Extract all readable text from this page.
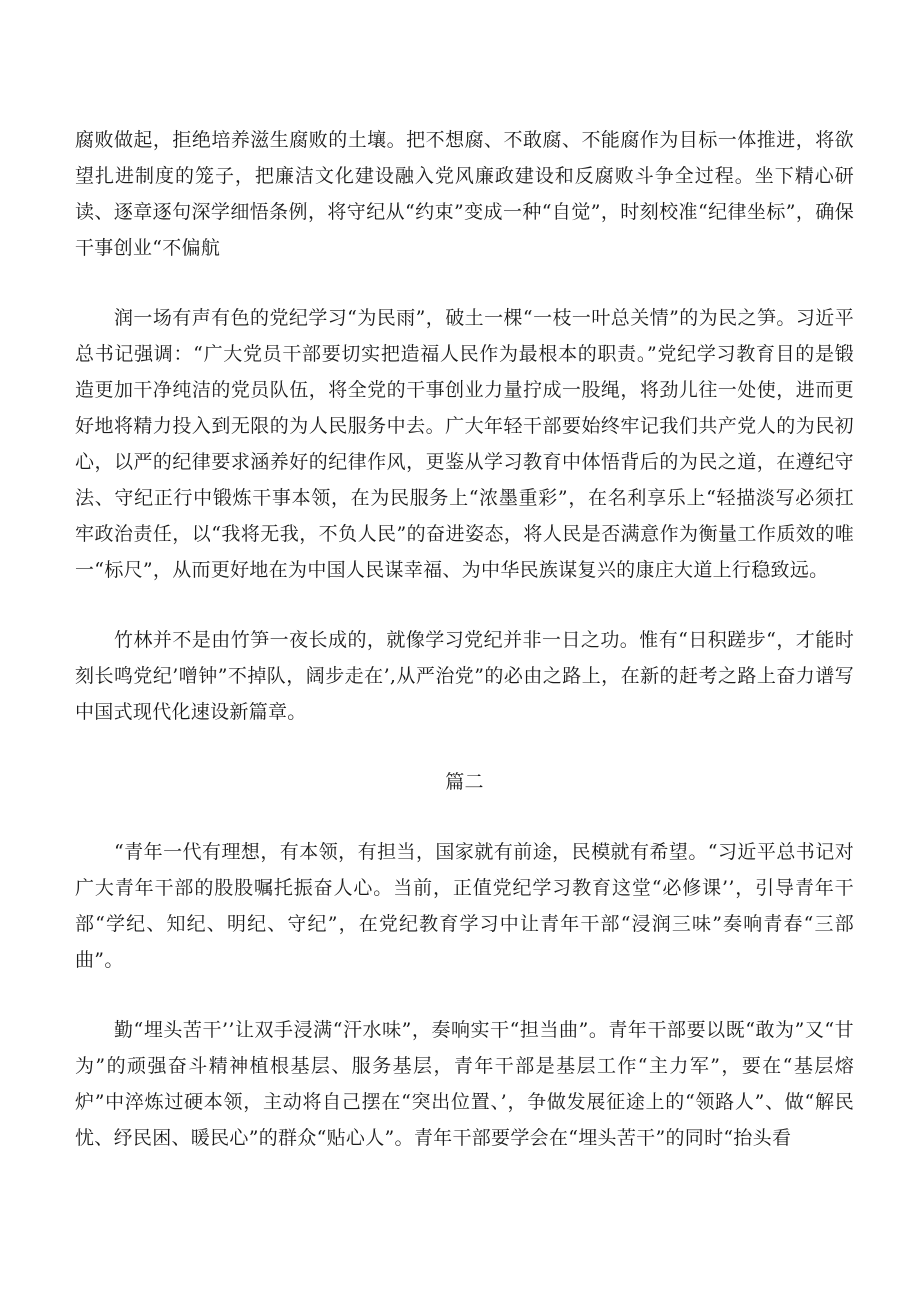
腐败做起，拒绝培养滋生腐败的土壤。把不想腐、不敢腐、不能腐作为目标一体推进，将欲望扎进制度的笼子，把廉洁文化建设融入党风廉政建设和反腐败斗争全过程。坐下精心研读、逐章逐句深学细悟条例，将守纪从“约束”变成一种“自觉”，时刻校准“纪律坐标”，确保干事创业“不偏航

润一场有声有色的党纪学习“为民雨”，破土一棵“一枝一叶总关情”的为民之笋。习近平总书记强调：“广大党员干部要切实把造福人民作为最根本的职责。”党纪学习教育目的是锻造更加干净纯洁的党员队伍，将全党的干事创业力量拧成一股绳，将劲儿往一处使，进而更好地将精力投入到无限的为人民服务中去。广大年轻干部要始终牢记我们共产党人的为民初心，以严的纪律要求涵养好的纪律作风，更鉴从学习教育中体悟背后的为民之道，在遵纪守法、守纪正行中锻炼干事本领，在为民服务上“浓墨重彩”，在名利享乐上“轻描淡写必须扛牢政治责任，以“我将无我，不负人民”的奋进姿态，将人民是否满意作为衡量工作质效的唯一“标尺”，从而更好地在为中国人民谋幸福、为中华民族谋复兴的康庄大道上行稳致远。

竹林并不是由竹笋一夜长成的，就像学习党纪并非一日之功。惟有“日积蹉步“，才能时刻长鸣党纪’噌钟”不掉队，阔步走在’,从严治党”的必由之路上，在新的赶考之路上奋力谱写中国式现代化速设新篇章。

篇二

“青年一代有理想，有本领，有担当，国家就有前途，民模就有希望。“习近平总书记对广大青年干部的股股嘱托振奋人心。当前，正值党纪学习教育这堂“必修课’’，引导青年干部“学纪、知纪、明纪、守纪”，在党纪教育学习中让青年干部“浸润三味”奏响青春“三部曲”。

勤“埋头苦干’’让双手浸满“汗水味”，奏响实干“担当曲”。青年干部要以既“敢为”又“甘为”的顽强奋斗精神植根基层、服务基层，青年干部是基层工作“主力军”，要在“基层熔炉”中淬炼过硬本领，主动将自己摆在“突出位置、’，争做发展征途上的“领路人”、做“解民忧、纾民困、暖民心”的群众“贴心人”。青年干部要学会在“埋头苦干”的同时“抬头看
